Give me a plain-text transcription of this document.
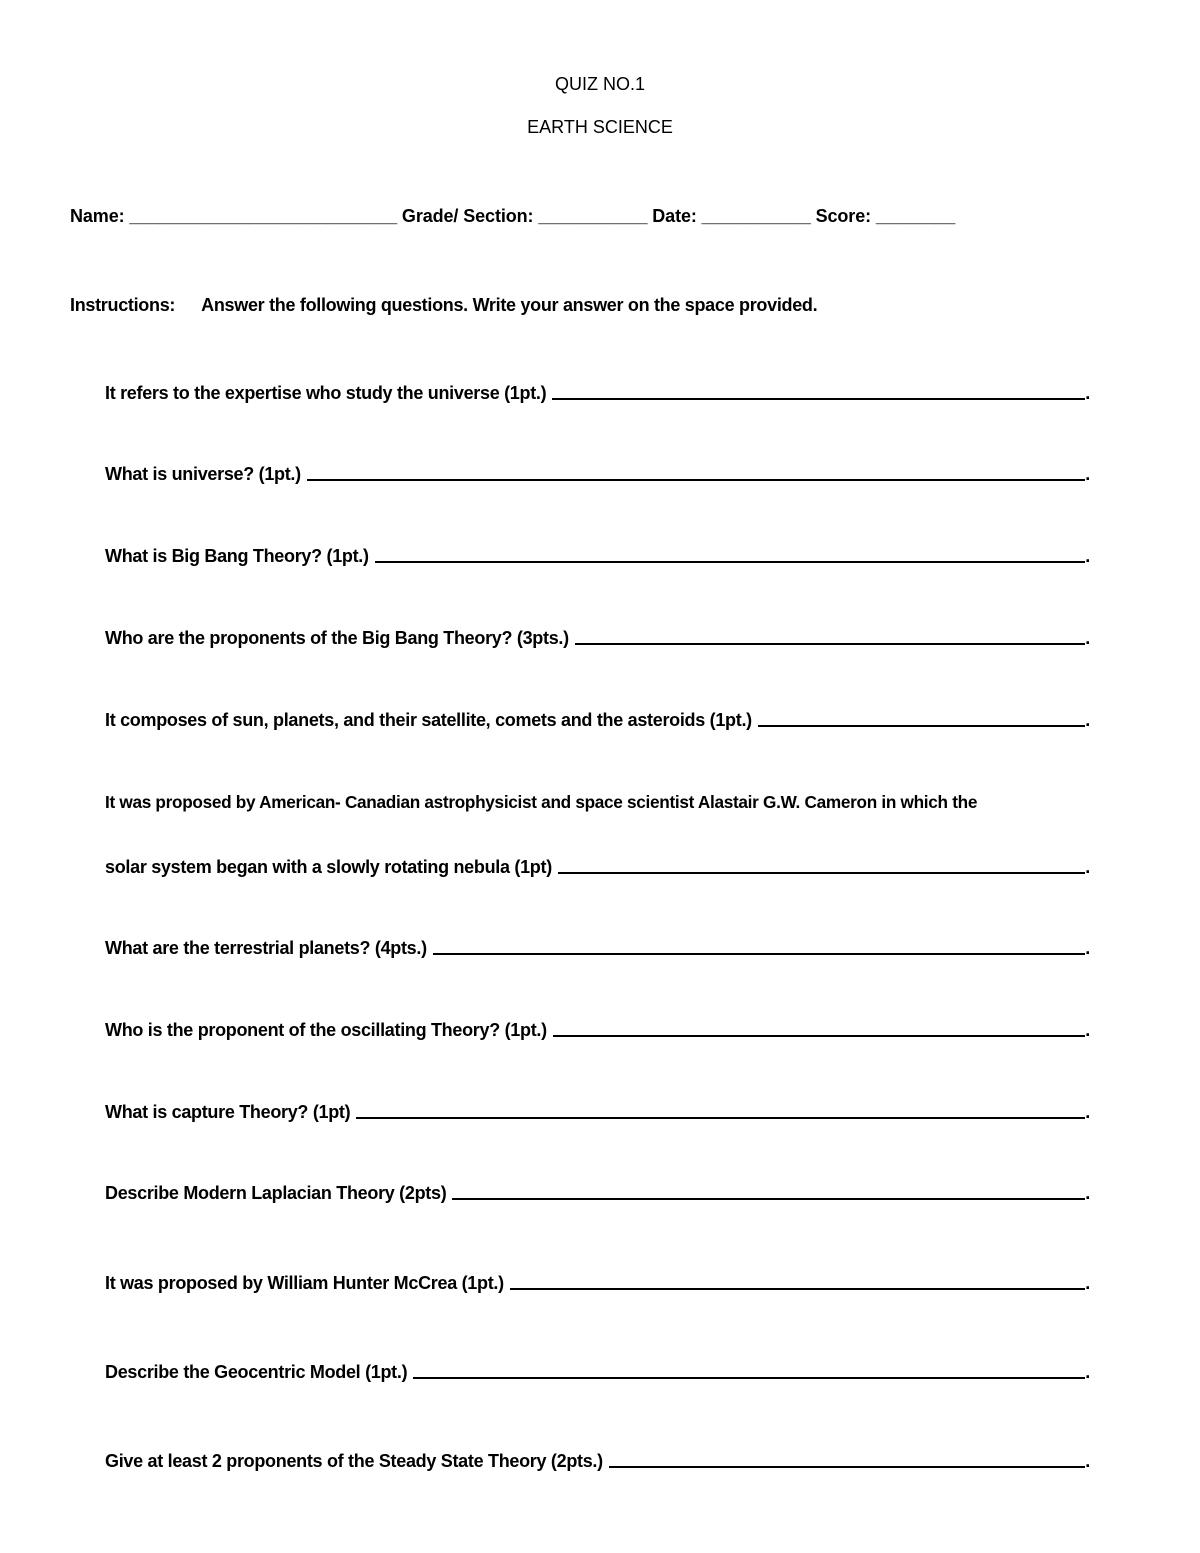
QUIZ NO.1
EARTH SCIENCE
Name: ___________________________ Grade/ Section: ___________ Date: ___________ Score: ________
Instructions: Answer the following questions. Write your answer on the space provided.
It refers to the expertise who study the universe (1pt.)	.
What is universe? (1pt.)	.
What is Big Bang Theory? (1pt.)	.
Who are the proponents of the Big Bang Theory? (3pts.)	.
It composes of sun, planets, and their satellite, comets and the asteroids (1pt.)	.
It was proposed by American- Canadian astrophysicist and space scientist Alastair G.W. Cameron in which the
solar system began with a slowly rotating nebula (1pt)	.
What are the terrestrial planets? (4pts.)	.
Who is the proponent of the oscillating Theory? (1pt.)	.
What is capture Theory? (1pt)	.
Describe Modern Laplacian Theory (2pts)	.
It was proposed by William Hunter McCrea (1pt.)	.
Describe the Geocentric Model (1pt.)	.
Give at least 2 proponents of the Steady State Theory (2pts.)	.
